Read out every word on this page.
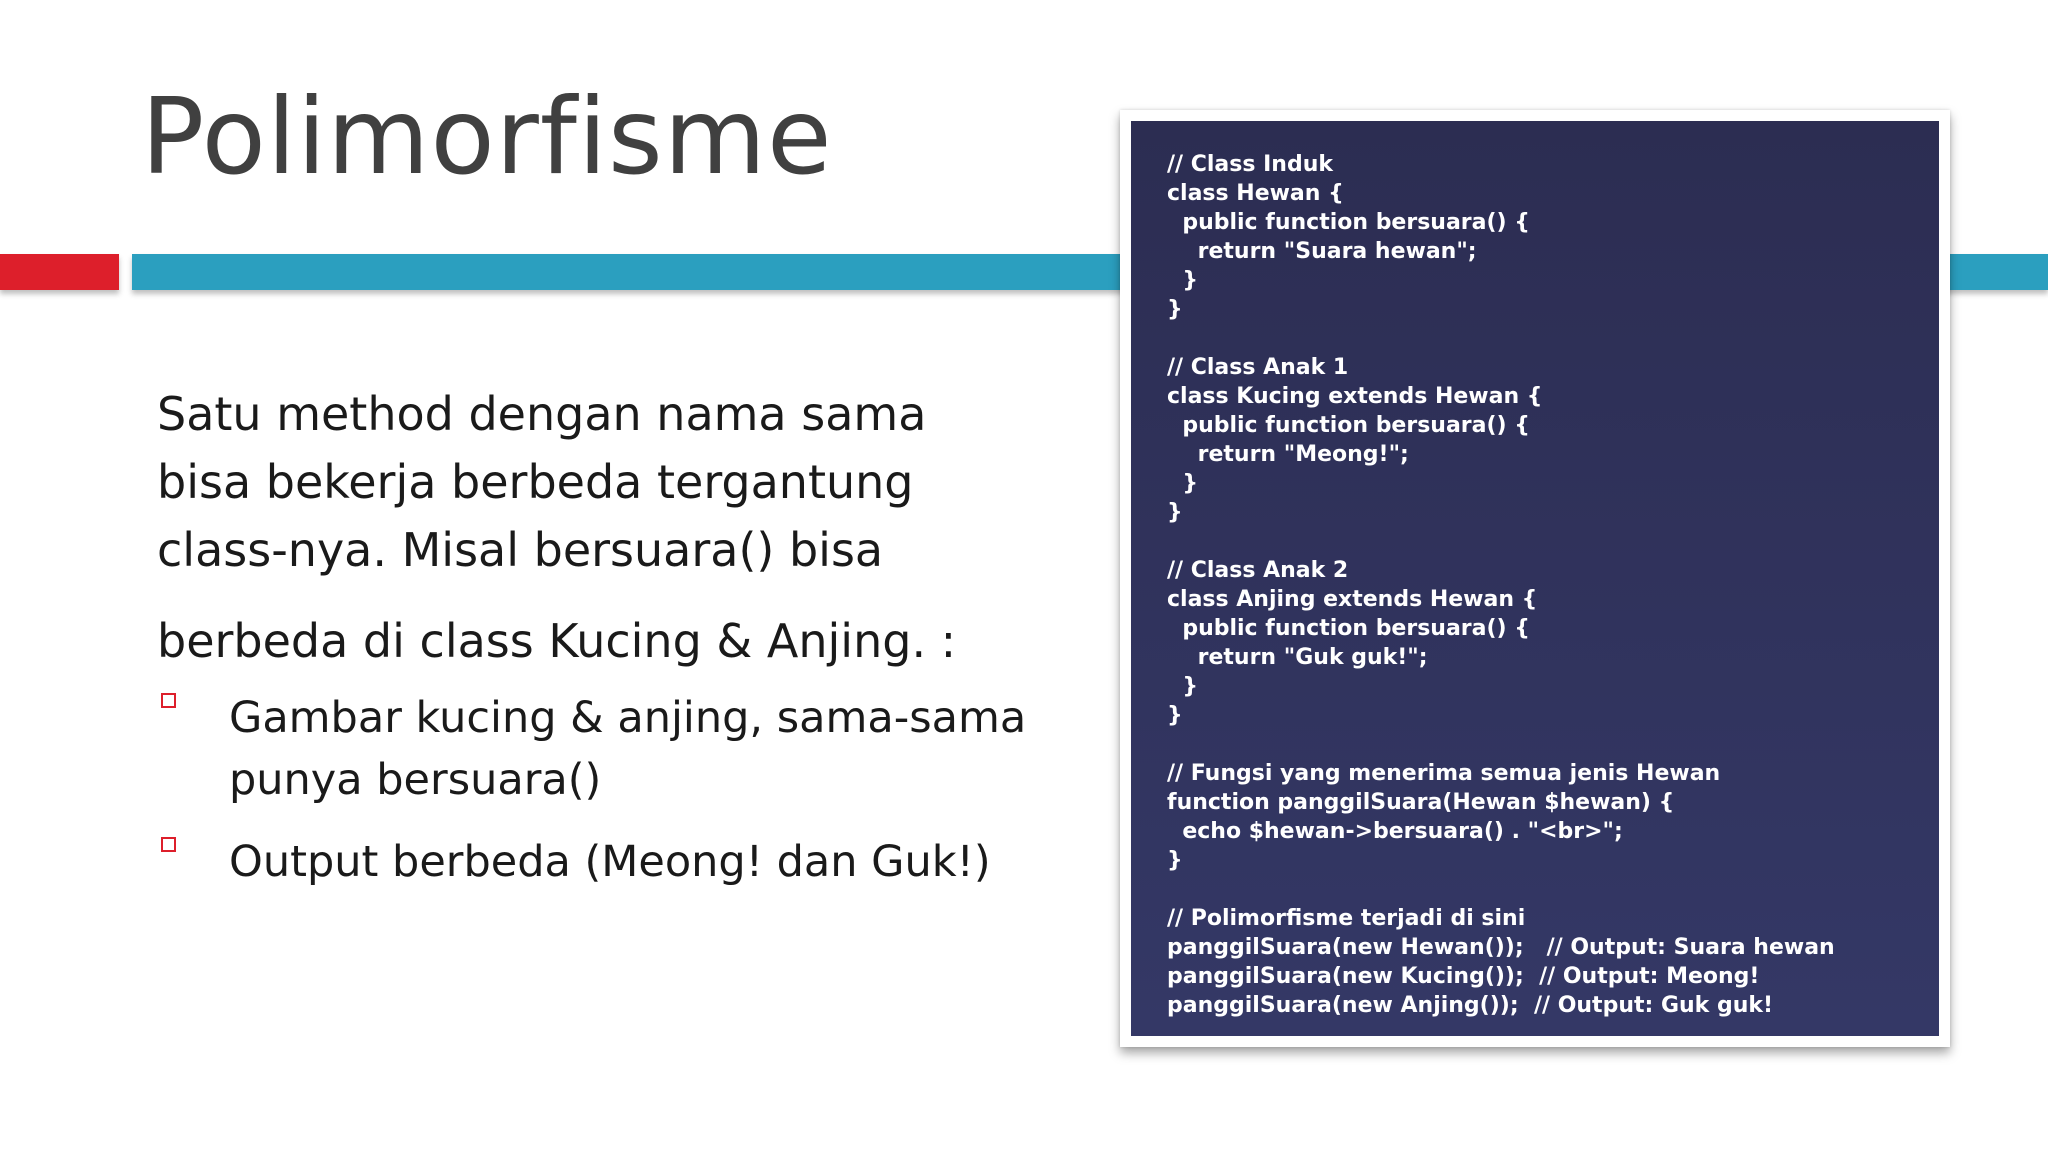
Polimorfisme

Satu method dengan nama sama

bisa bekerja berbeda tergantung

class-nya. Misal bersuara() bisa

berbeda di class Kucing & Anjing. :

Gambar kucing & anjing, sama-sama
punya bersuara()
Output berbeda (Meong! dan Guk!)
// Class Induk
class Hewan {
public function bersuara() {
return "Suara hewan";
}
}
// Class Anak 1
class Kucing extends Hewan {
public function bersuara() {
return "Meong!";
}
}
// Class Anak 2
class Anjing extends Hewan {
public function bersuara() {
return "Guk guk!";
}
}
// Fungsi yang menerima semua jenis Hewan
function panggilSuara(Hewan $hewan) {
echo $hewan->bersuara() . "<br>";
}
// Polimorfisme terjadi di sini
panggilSuara(new Hewan());   // Output: Suara hewan
panggilSuara(new Kucing());  // Output: Meong!
panggilSuara(new Anjing());  // Output: Guk guk!
